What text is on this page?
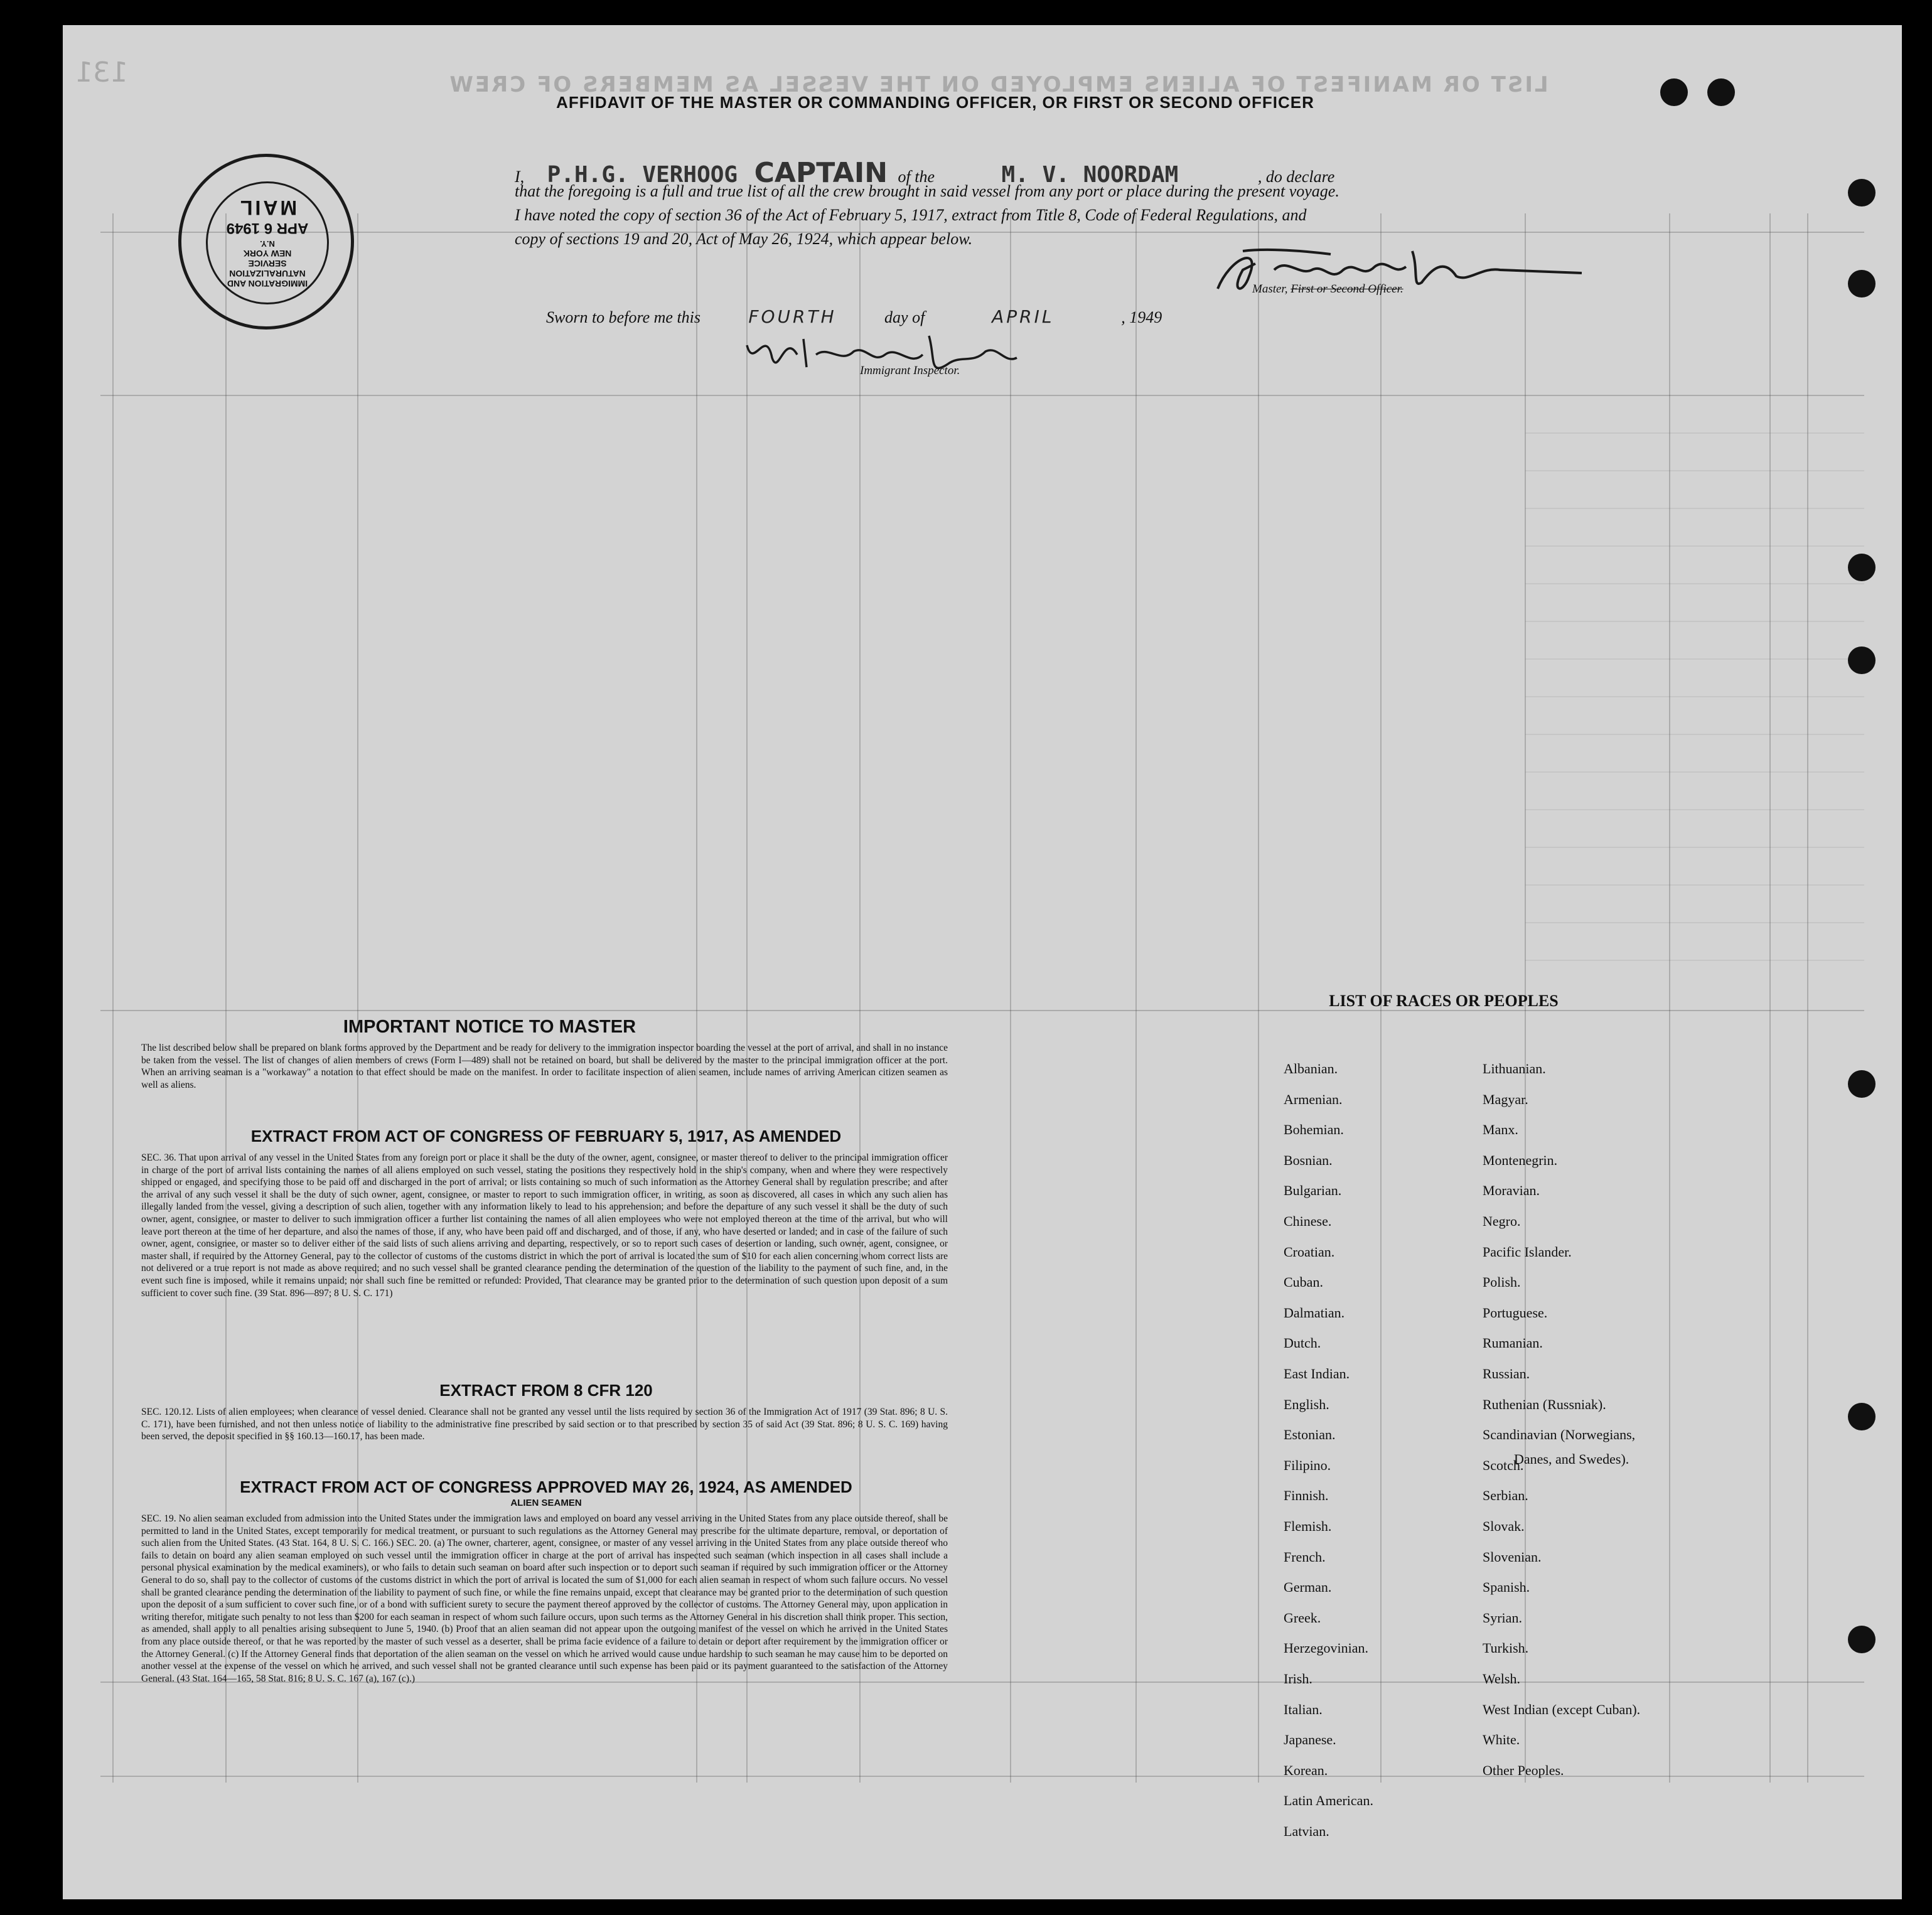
LIST OR MANIFEST OF ALIENS EMPLOYED ON THE VESSEL AS MEMBERS OF CREW
131
AFFIDAVIT OF THE MASTER OR COMMANDING OFFICER, OR FIRST OR SECOND OFFICER
I, P.H.G. VERHOOG CAPTAIN of the	M. V. NOORDAM	, do declare
that the foregoing is a full and true list of all the crew brought in said vessel from any port or place during the present voyage.
I have noted the copy of section 36 of the Act of February 5, 1917, extract from Title 8, Code of Federal Regulations, and
copy of sections 19 and 20, Act of May 26, 1924, which appear below.
Master, First or Second Officer.
Sworn to before me this	FOURTH	day of	APRIL	, 1949
Immigrant Inspector.
IMMIGRATION AND
NATURALIZATION
SERVICE
NEW YORK
N.Y.
APR 6 1949
MAIL
IMPORTANT NOTICE TO MASTER
The list described below shall be prepared on blank forms approved by the Department and be ready for delivery to the immigration inspector boarding the vessel at the port of arrival, and shall in no instance be taken from the vessel. The list of changes of alien members of crews (Form I—489) shall not be retained on board, but shall be delivered by the master to the principal immigration officer at the port. When an arriving seaman is a "workaway" a notation to that effect should be made on the manifest. In order to facilitate inspection of alien seamen, include names of arriving American citizen seamen as well as aliens.
EXTRACT FROM ACT OF CONGRESS OF FEBRUARY 5, 1917, AS AMENDED
SEC. 36. That upon arrival of any vessel in the United States from any foreign port or place it shall be the duty of the owner, agent, consignee, or master thereof to deliver to the principal immigration officer in charge of the port of arrival lists containing the names of all aliens employed on such vessel, stating the positions they respectively hold in the ship's company, when and where they were respectively shipped or engaged, and specifying those to be paid off and discharged in the port of arrival; or lists containing so much of such information as the Attorney General shall by regulation prescribe; and after the arrival of any such vessel it shall be the duty of such owner, agent, consignee, or master to report to such immigration officer, in writing, as soon as discovered, all cases in which any such alien has illegally landed from the vessel, giving a description of such alien, together with any information likely to lead to his apprehension; and before the departure of any such vessel it shall be the duty of such owner, agent, consignee, or master to deliver to such immigration officer a further list containing the names of all alien employees who were not employed thereon at the time of the arrival, but who will leave port thereon at the time of her departure, and also the names of those, if any, who have been paid off and discharged, and of those, if any, who have deserted or landed; and in case of the failure of such owner, agent, consignee, or master so to deliver either of the said lists of such aliens arriving and departing, respectively, or so to report such cases of desertion or landing, such owner, agent, consignee, or master shall, if required by the Attorney General, pay to the collector of customs of the customs district in which the port of arrival is located the sum of $10 for each alien concerning whom correct lists are not delivered or a true report is not made as above required; and no such vessel shall be granted clearance pending the determination of the question of the liability to the payment of such fine, and, in the event such fine is imposed, while it remains unpaid; nor shall such fine be remitted or refunded: Provided, That clearance may be granted prior to the determination of such question upon deposit of a sum sufficient to cover such fine. (39 Stat. 896—897; 8 U. S. C. 171)
EXTRACT FROM 8 CFR 120
SEC. 120.12. Lists of alien employees; when clearance of vessel denied. Clearance shall not be granted any vessel until the lists required by section 36 of the Immigration Act of 1917 (39 Stat. 896; 8 U. S. C. 171), have been furnished, and not then unless notice of liability to the administrative fine prescribed by said section or to that prescribed by section 35 of said Act (39 Stat. 896; 8 U. S. C. 169) having been served, the deposit specified in §§ 160.13—160.17, has been made.
EXTRACT FROM ACT OF CONGRESS APPROVED MAY 26, 1924, AS AMENDED
ALIEN SEAMEN
SEC. 19. No alien seaman excluded from admission into the United States under the immigration laws and employed on board any vessel arriving in the United States from any place outside thereof, shall be permitted to land in the United States, except temporarily for medical treatment, or pursuant to such regulations as the Attorney General may prescribe for the ultimate departure, removal, or deportation of such alien from the United States. (43 Stat. 164, 8 U. S. C. 166.) SEC. 20. (a) The owner, charterer, agent, consignee, or master of any vessel arriving in the United States from any place outside thereof who fails to detain on board any alien seaman employed on such vessel until the immigration officer in charge at the port of arrival has inspected such seaman (which inspection in all cases shall include a personal physical examination by the medical examiners), or who fails to detain such seaman on board after such inspection or to deport such seaman if required by such immigration officer or the Attorney General to do so, shall pay to the collector of customs of the customs district in which the port of arrival is located the sum of $1,000 for each alien seaman in respect of whom such failure occurs. No vessel shall be granted clearance pending the determination of the liability to payment of such fine, or while the fine remains unpaid, except that clearance may be granted prior to the determination of such question upon the deposit of a sum sufficient to cover such fine, or of a bond with sufficient surety to secure the payment thereof approved by the collector of customs. The Attorney General may, upon application in writing therefor, mitigate such penalty to not less than $200 for each seaman in respect of whom such failure occurs, upon such terms as the Attorney General in his discretion shall think proper. This section, as amended, shall apply to all penalties arising subsequent to June 5, 1940. (b) Proof that an alien seaman did not appear upon the outgoing manifest of the vessel on which he arrived in the United States from any place outside thereof, or that he was reported by the master of such vessel as a deserter, shall be prima facie evidence of a failure to detain or deport after requirement by the immigration officer or the Attorney General. (c) If the Attorney General finds that deportation of the alien seaman on the vessel on which he arrived would cause undue hardship to such seaman he may cause him to be deported on another vessel at the expense of the vessel on which he arrived, and such vessel shall not be granted clearance until such expense has been paid or its payment guaranteed to the satisfaction of the Attorney General. (43 Stat. 164—165, 58 Stat. 816; 8 U. S. C. 167 (a), 167 (c).)
LIST OF RACES OR PEOPLES
Albanian.
Armenian.
Bohemian.
Bosnian.
Bulgarian.
Chinese.
Croatian.
Cuban.
Dalmatian.
Dutch.
East Indian.
English.
Estonian.
Filipino.
Finnish.
Flemish.
French.
German.
Greek.
Herzegovinian.
Irish.
Italian.
Japanese.
Korean.
Latin American.
Latvian.
Lithuanian.
Magyar.
Manx.
Montenegrin.
Moravian.
Negro.
Pacific Islander.
Polish.
Portuguese.
Rumanian.
Russian.
Ruthenian (Russniak).
Scandinavian (Norwegians,
Danes, and Swedes).
Scotch.
Serbian.
Slovak.
Slovenian.
Spanish.
Syrian.
Turkish.
Welsh.
West Indian (except Cuban).
White.
Other Peoples.
